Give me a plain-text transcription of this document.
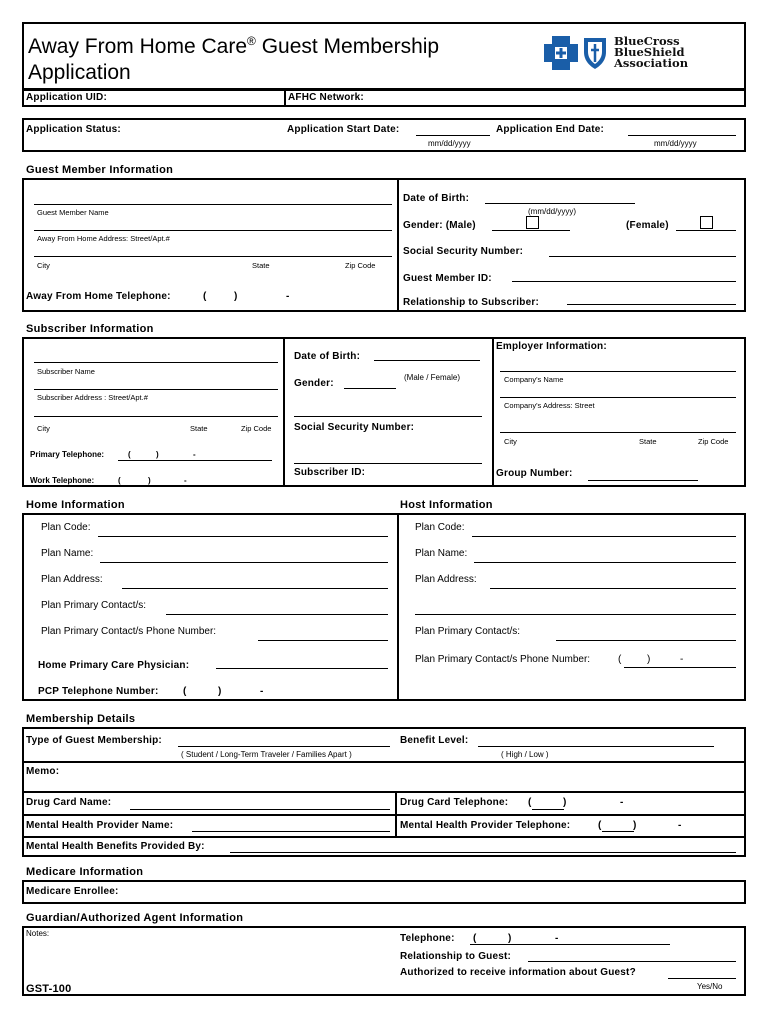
Away From Home Care® Guest Membership
Application
BlueCross
BlueShield
Association
Application UID:	AFHC Network:
Application Status:	Application Start Date:
mm/dd/yyyy
Application End Date:
mm/dd/yyyy
Guest Member Information
Guest Member Name
Away From Home Address: Street/Apt.#
City	State	Zip Code
Away From Home Telephone:	(	)	-
Date of Birth:
(mm/dd/yyyy)
Gender: (Male)	(Female)
Social Security Number:
Guest Member ID:
Relationship to Subscriber:
Subscriber Information
Subscriber Name
Subscriber Address : Street/Apt.#
City	State	Zip Code
Primary Telephone:	(	)	-
Work Telephone:	(	)	-
Date of Birth:
Gender:
(Male / Female)
Social Security Number:
Subscriber ID:
Employer Information:
Company's Name
Company's Address: Street
City	State	Zip Code
Group Number:
Home Information	Host Information
Plan Code:
Plan Name:
Plan Address:
Plan Primary Contact/s:
Plan Primary Contact/s Phone Number:
Home Primary Care Physician:
PCP Telephone Number: (	)	-
Plan Code:
Plan Name:
Plan Address:
Plan Primary Contact/s:
Plan Primary Contact/s Phone Number:	(	)	-
Membership Details
Type of Guest Membership:
( Student / Long-Term Traveler / Families Apart )
Benefit Level:
( High / Low )
Memo:
Drug Card Name:	Drug Card Telephone: (	)	-
Mental Health Provider Name:	Mental Health Provider Telephone:	(	)	-
Mental Health Benefits Provided By:
Medicare Information
Medicare Enrollee:
Guardian/Authorized Agent Information
Notes:	Telephone: (	)	-
Relationship to Guest:
Authorized to receive information about Guest?
Yes/No
GST-100
